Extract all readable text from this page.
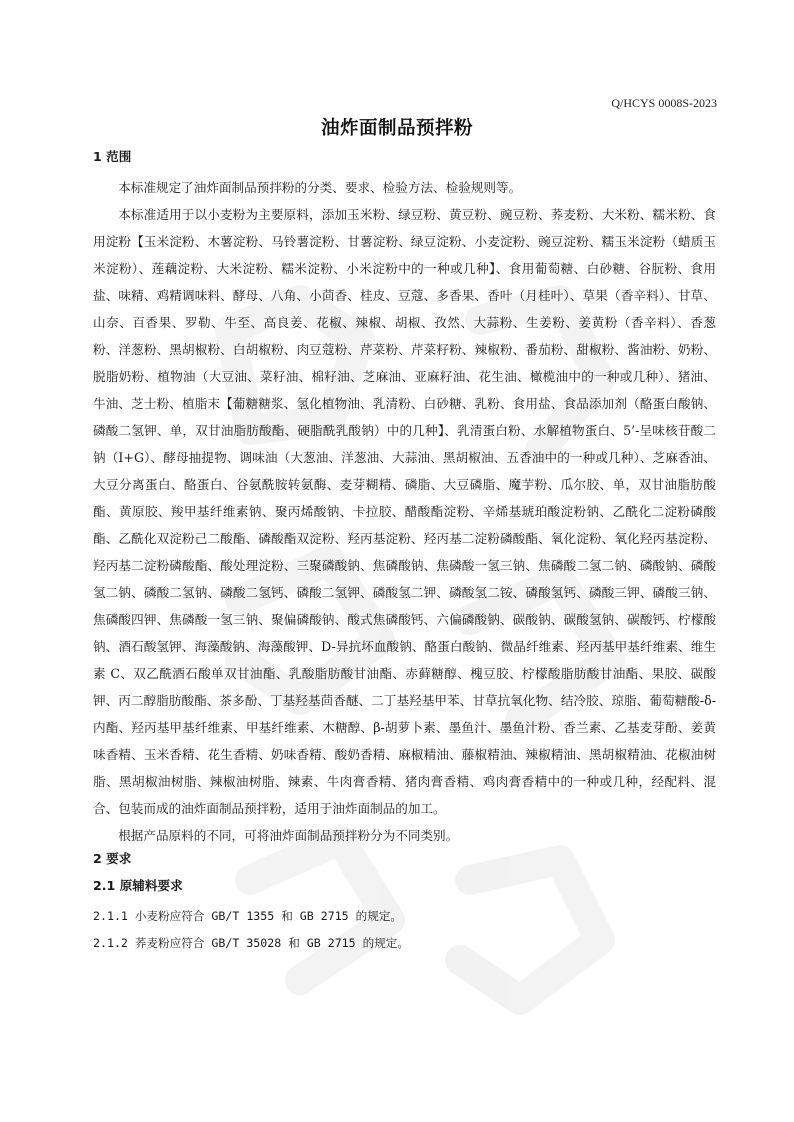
Q/HCYS 0008S-2023
油炸面制品预拌粉
1 范围

本标准规定了油炸面制品预拌粉的分类、要求、检验方法、检验规则等。

本标准适用于以小麦粉为主要原料，添加玉米粉、绿豆粉、黄豆粉、豌豆粉、荞麦粉、大米粉、糯米粉、食用淀粉【玉米淀粉、木薯淀粉、马铃薯淀粉、甘薯淀粉、绿豆淀粉、小麦淀粉、豌豆淀粉、糯玉米淀粉（蜡质玉米淀粉）、莲藕淀粉、大米淀粉、糯米淀粉、小米淀粉中的一种或几种】、食用葡萄糖、白砂糖、谷朊粉、食用盐、味精、鸡精调味料、酵母、八角、小茴香、桂皮、豆蔻、多香果、香叶（月桂叶）、草果（香辛料）、甘草、山奈、百香果、罗勒、牛至、高良姜、花椒、辣椒、胡椒、孜然、大蒜粉、生姜粉、姜黄粉（香辛料）、香葱粉、洋葱粉、黑胡椒粉、白胡椒粉、肉豆蔻粉、芹菜粉、芹菜籽粉、辣椒粉、番茄粉、甜椒粉、酱油粉、奶粉、脱脂奶粉、植物油（大豆油、菜籽油、棉籽油、芝麻油、亚麻籽油、花生油、橄榄油中的一种或几种）、猪油、牛油、芝士粉、植脂末【葡糖糖浆、氢化植物油、乳清粉、白砂糖、乳粉、食用盐、食品添加剂（酪蛋白酸钠、磷酸二氢钾、单，双甘油脂肪酸酯、硬脂酰乳酸钠）中的几种】、乳清蛋白粉、水解植物蛋白、5’-呈味核苷酸二钠（I+G）、酵母抽提物、调味油（大葱油、洋葱油、大蒜油、黑胡椒油、五香油中的一种或几种）、芝麻香油、大豆分离蛋白、酪蛋白、谷氨酰胺转氨酶、麦芽糊精、磷脂、大豆磷脂、魔芋粉、瓜尔胶、单，双甘油脂肪酸酯、黄原胶、羧甲基纤维素钠、聚丙烯酸钠、卡拉胶、醋酸酯淀粉、辛烯基琥珀酸淀粉钠、乙酰化二淀粉磷酸酯、乙酰化双淀粉己二酸酯、磷酸酯双淀粉、羟丙基淀粉、羟丙基二淀粉磷酸酯、氧化淀粉、氧化羟丙基淀粉、羟丙基二淀粉磷酸酯、酸处理淀粉、三聚磷酸钠、焦磷酸钠、焦磷酸一氢三钠、焦磷酸二氢二钠、磷酸钠、磷酸氢二钠、磷酸二氢钠、磷酸二氢钙、磷酸二氢钾、磷酸氢二钾、磷酸氢二铵、磷酸氢钙、磷酸三钾、磷酸三钠、焦磷酸四钾、焦磷酸一氢三钠、聚偏磷酸钠、酸式焦磷酸钙、六偏磷酸钠、碳酸钠、碳酸氢钠、碳酸钙、柠檬酸钠、酒石酸氢钾、海藻酸钠、海藻酸钾、D-异抗坏血酸钠、酪蛋白酸钠、微晶纤维素、羟丙基甲基纤维素、维生素 C、双乙酰酒石酸单双甘油酯、乳酸脂肪酸甘油酯、赤藓糖醇、槐豆胶、柠檬酸脂肪酸甘油酯、果胶、碳酸钾、丙二醇脂肪酸酯、茶多酚、丁基羟基茴香醚、二丁基羟基甲苯、甘草抗氧化物、结冷胶、琼脂、葡萄糖酸-δ-内酯、羟丙基甲基纤维素、甲基纤维素、木糖醇、β-胡萝卜素、墨鱼汁、墨鱼汁粉、香兰素、乙基麦芽酚、姜黄味香精、玉米香精、花生香精、奶味香精、酸奶香精、麻椒精油、藤椒精油、辣椒精油、黑胡椒精油、花椒油树脂、黑胡椒油树脂、辣椒油树脂、辣素、牛肉膏香精、猪肉膏香精、鸡肉膏香精中的一种或几种，经配料、混合、包装而成的油炸面制品预拌粉，适用于油炸面制品的加工。

根据产品原料的不同，可将油炸面制品预拌粉分为不同类别。

2 要求
2.1 原辅料要求

2.1.1 小麦粉应符合 GB/T 1355 和 GB 2715 的规定。

2.1.2 荞麦粉应符合 GB/T 35028 和 GB 2715 的规定。
